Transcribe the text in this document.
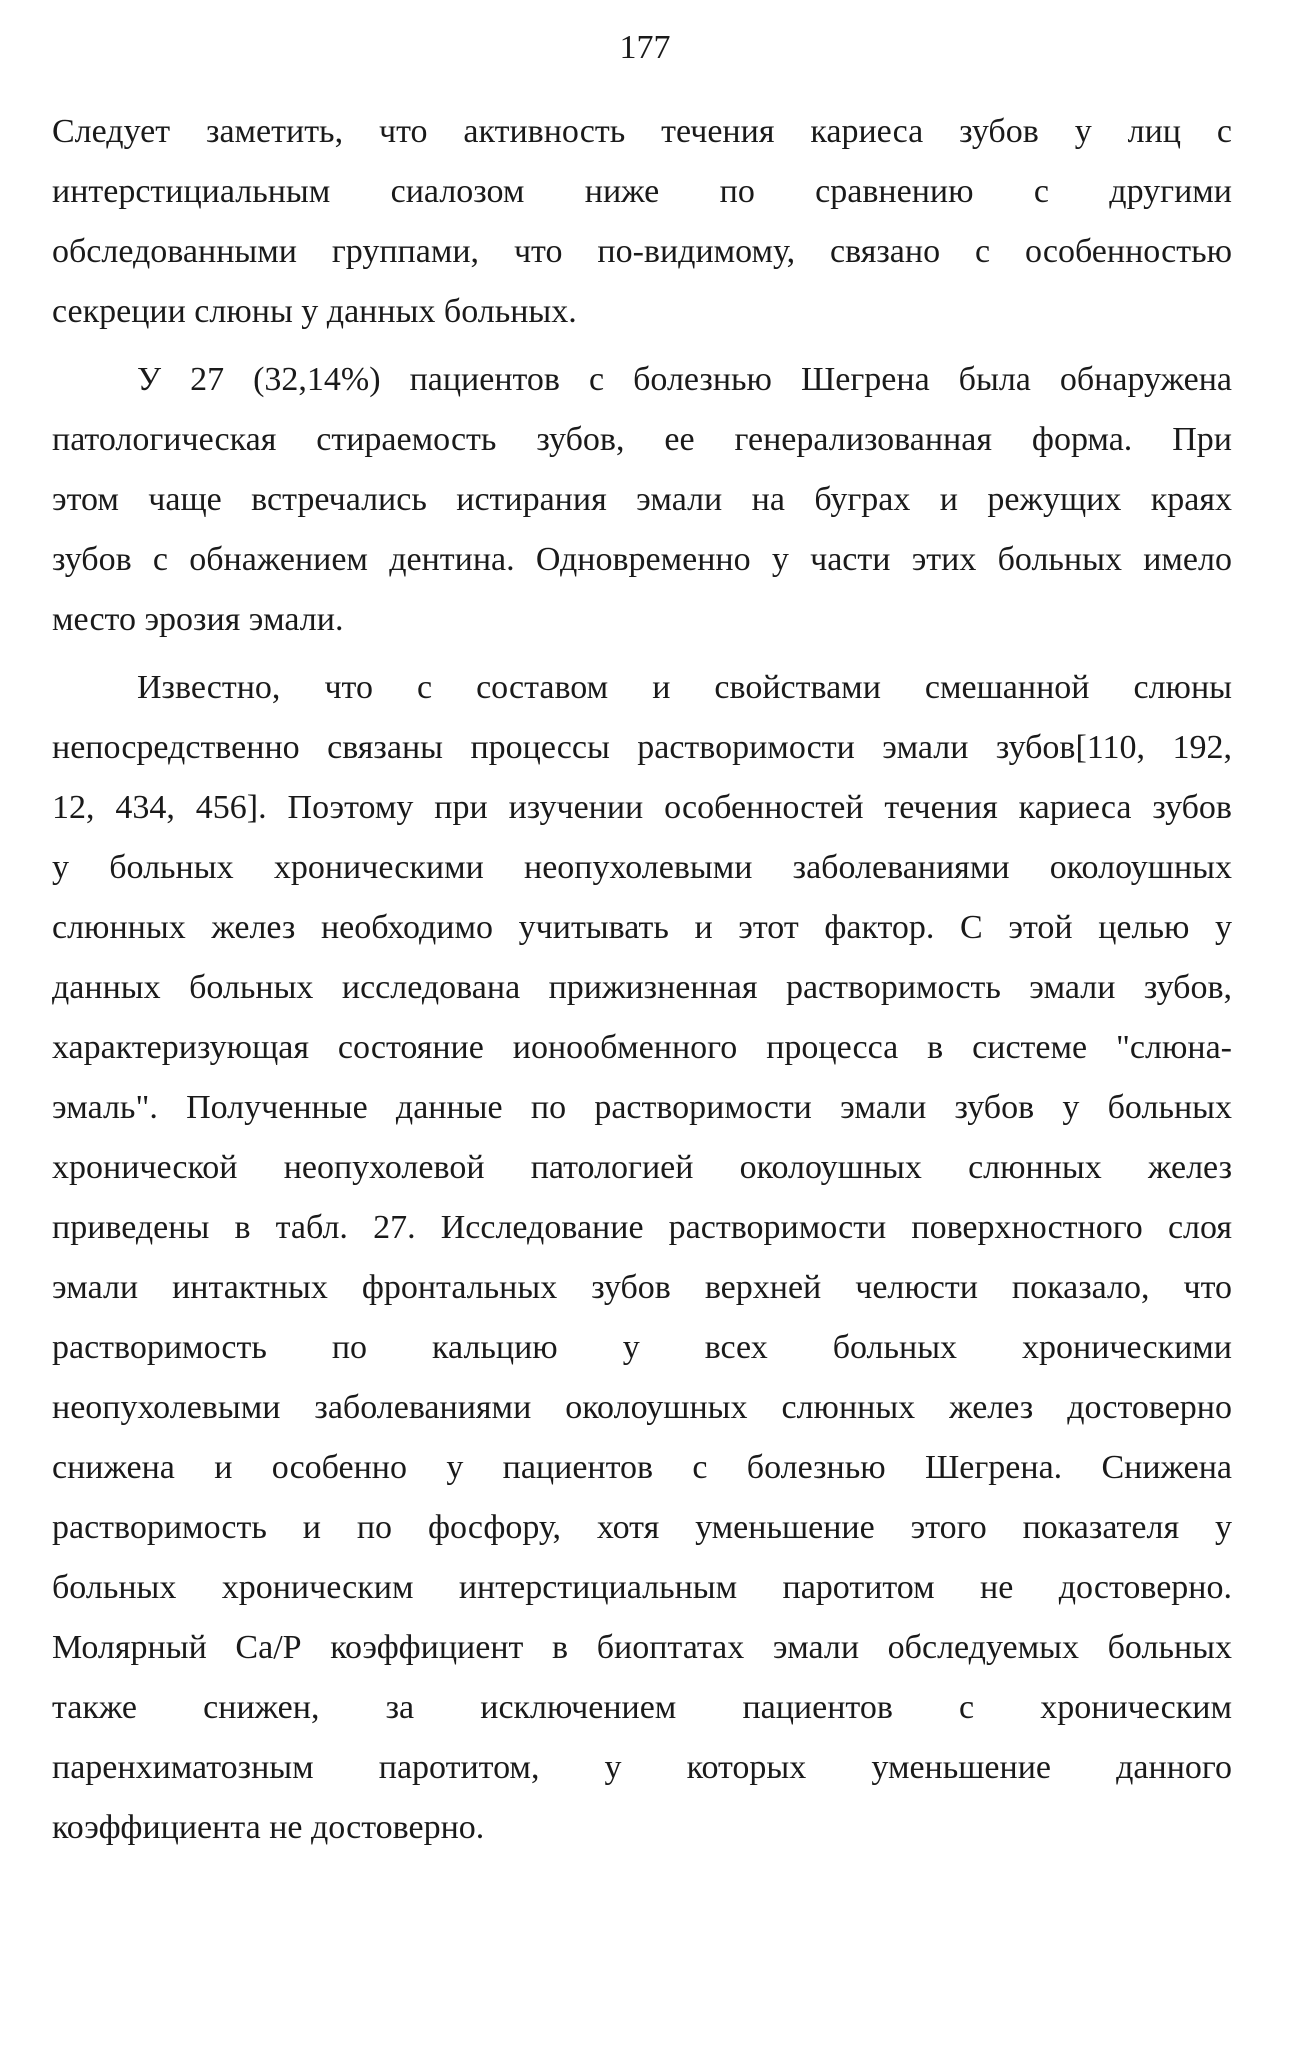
177
Следует заметить, что активность течения кариеса зубов у лиц с
интерстициальным сиалозом ниже по сравнению с другими
обследованными группами, что по-видимому, связано с особенностью
секреции слюны у данных больных.
У 27 (32,14%) пациентов с болезнью Шегрена была обнаружена
патологическая стираемость зубов, ее генерализованная форма. При
этом чаще встречались истирания эмали на буграх и режущих краях
зубов с обнажением дентина. Одновременно у части этих больных имело
место эрозия эмали.
Известно, что с составом и свойствами смешанной слюны
непосредственно связаны процессы растворимости эмали зубов[110, 192,
12, 434, 456]. Поэтому при изучении особенностей течения кариеса зубов
у больных хроническими неопухолевыми заболеваниями околоушных
слюнных желез необходимо учитывать и этот фактор. С этой целью у
данных больных исследована прижизненная растворимость эмали зубов,
характеризующая состояние ионообменного процесса в системе "слюна-
эмаль". Полученные данные по растворимости эмали зубов у больных
хронической неопухолевой патологией околоушных слюнных желез
приведены в табл. 27. Исследование растворимости поверхностного слоя
эмали интактных фронтальных зубов верхней челюсти показало, что
растворимость по кальцию у всех больных хроническими
неопухолевыми заболеваниями околоушных слюнных желез достоверно
снижена и особенно у пациентов с болезнью Шегрена. Снижена
растворимость и по фосфору, хотя уменьшение этого показателя у
больных хроническим интерстициальным паротитом не достоверно.
Молярный Са/Р коэффициент в биоптатах эмали обследуемых больных
также снижен, за исключением пациентов с хроническим
паренхиматозным паротитом, у которых уменьшение данного
коэффициента не достоверно.
